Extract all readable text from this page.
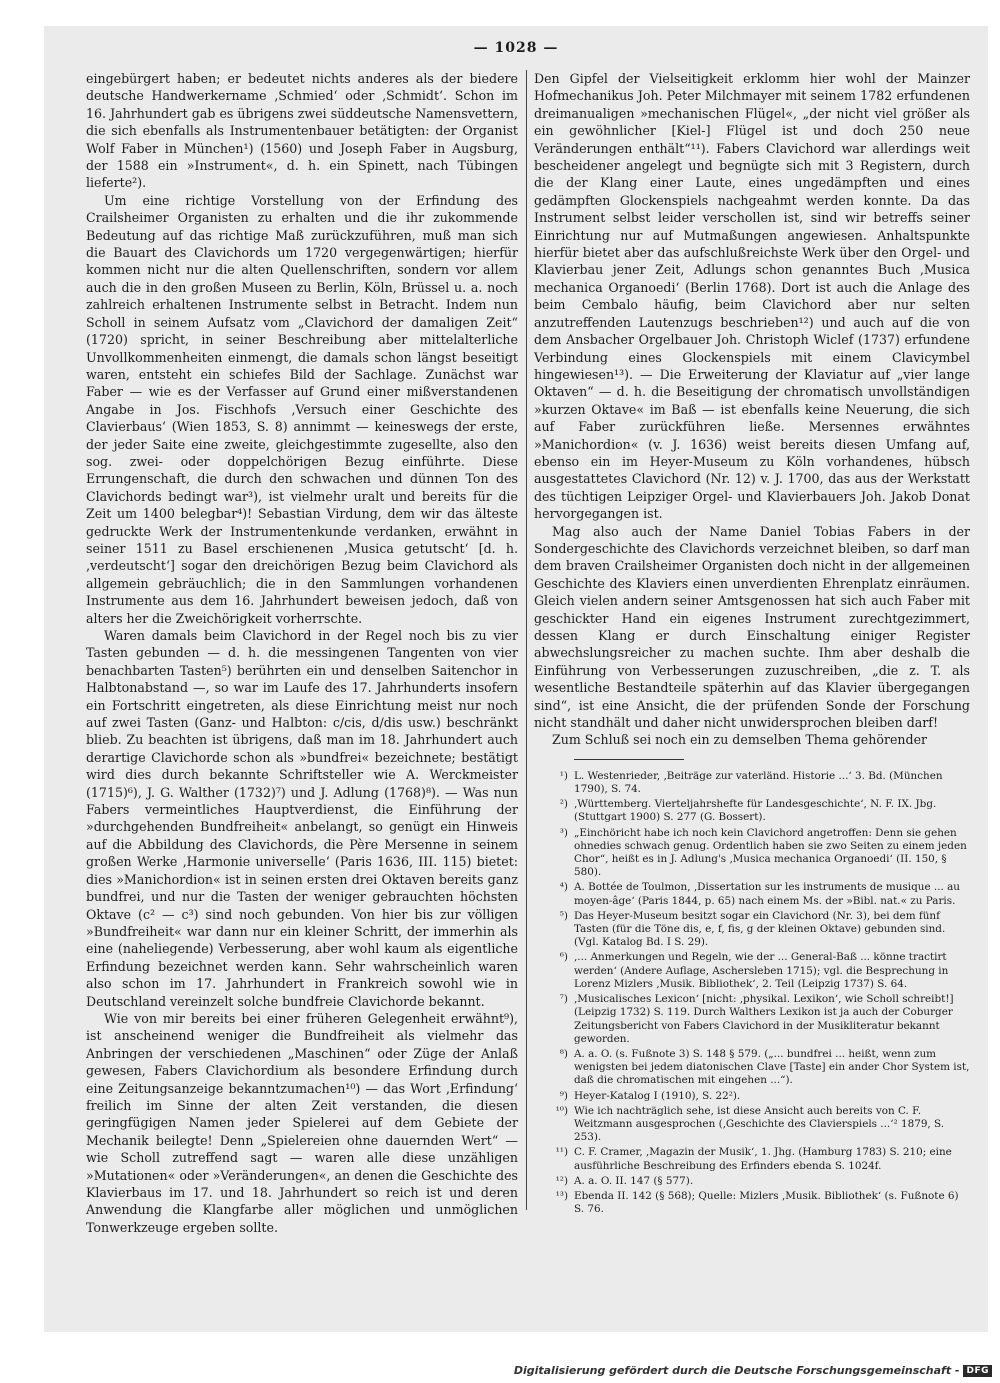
— 1028 —

eingebürgert haben; er bedeutet nichts anderes als der biedere deutsche Handwerkername ‚Schmied‘ oder ‚Schmidt‘. Schon im 16. Jahrhundert gab es übrigens zwei süddeutsche Namensvettern, die sich ebenfalls als Instrumentenbauer betätigten: der Organist Wolf Faber in München¹) (1560) und Joseph Faber in Augsburg, der 1588 ein »Instrument«, d. h. ein Spinett, nach Tübingen lieferte²).

Um eine richtige Vorstellung von der Erfindung des Crailsheimer Organisten zu erhalten und die ihr zukommende Bedeutung auf das richtige Maß zurückzuführen, muß man sich die Bauart des Clavichords um 1720 vergegenwärtigen; hierfür kommen nicht nur die alten Quellenschriften, sondern vor allem auch die in den großen Museen zu Berlin, Köln, Brüssel u. a. noch zahlreich erhaltenen Instrumente selbst in Betracht. Indem nun Scholl in seinem Aufsatz vom „Clavichord der damaligen Zeit“ (1720) spricht, in seiner Beschreibung aber mittelalterliche Unvollkommenheiten einmengt, die damals schon längst beseitigt waren, entsteht ein schiefes Bild der Sachlage. Zunächst war Faber — wie es der Verfasser auf Grund einer mißverstandenen Angabe in Jos. Fischhofs ‚Versuch einer Geschichte des Clavierbaus‘ (Wien 1853, S. 8) annimmt — keineswegs der erste, der jeder Saite eine zweite, gleichgestimmte zugesellte, also den sog. zwei- oder doppelchörigen Bezug einführte. Diese Errungenschaft, die durch den schwachen und dünnen Ton des Clavichords bedingt war³), ist vielmehr uralt und bereits für die Zeit um 1400 belegbar⁴)! Sebastian Virdung, dem wir das älteste gedruckte Werk der Instrumentenkunde verdanken, erwähnt in seiner 1511 zu Basel erschienenen ‚Musica getutscht‘ [d. h. ‚verdeutscht‘] sogar den dreichörigen Bezug beim Clavichord als allgemein gebräuchlich; die in den Sammlungen vorhandenen Instrumente aus dem 16. Jahrhundert beweisen jedoch, daß von alters her die Zweichörigkeit vorherrschte.

Waren damals beim Clavichord in der Regel noch bis zu vier Tasten gebunden — d. h. die messingenen Tangenten von vier benachbarten Tasten⁵) berührten ein und denselben Saitenchor in Halbtonabstand —, so war im Laufe des 17. Jahrhunderts insofern ein Fortschritt eingetreten, als diese Einrichtung meist nur noch auf zwei Tasten (Ganz- und Halbton: c/cis, d/dis usw.) beschränkt blieb. Zu beachten ist übrigens, daß man im 18. Jahrhundert auch derartige Clavichorde schon als »bundfrei« bezeichnete; bestätigt wird dies durch bekannte Schriftsteller wie A. Werckmeister (1715)⁶), J. G. Walther (1732)⁷) und J. Adlung (1768)⁸). — Was nun Fabers vermeintliches Hauptverdienst, die Einführung der »durchgehenden Bundfreiheit« anbelangt, so genügt ein Hinweis auf die Abbildung des Clavichords, die Père Mersenne in seinem großen Werke ‚Harmonie universelle‘ (Paris 1636, III. 115) bietet: dies »Manichordion« ist in seinen ersten drei Oktaven bereits ganz bundfrei, und nur die Tasten der weniger gebrauchten höchsten Oktave (c² — c³) sind noch gebunden. Von hier bis zur völligen »Bundfreiheit« war dann nur ein kleiner Schritt, der immerhin als eine (naheliegende) Verbesserung, aber wohl kaum als eigentliche Erfindung bezeichnet werden kann. Sehr wahrscheinlich waren also schon im 17. Jahrhundert in Frankreich sowohl wie in Deutschland vereinzelt solche bundfreie Clavichorde bekannt.

Wie von mir bereits bei einer früheren Gelegenheit erwähnt⁹), ist anscheinend weniger die Bundfreiheit als vielmehr das Anbringen der verschiedenen „Maschinen“ oder Züge der Anlaß gewesen, Fabers Clavichordium als besondere Erfindung durch eine Zeitungsanzeige bekanntzumachen¹⁰) — das Wort ‚Erfindung‘ freilich im Sinne der alten Zeit verstanden, die diesen geringfügigen Namen jeder Spielerei auf dem Gebiete der Mechanik beilegte! Denn „Spielereien ohne dauernden Wert“ — wie Scholl zutreffend sagt — waren alle diese unzähligen »Mutationen« oder »Veränderungen«, an denen die Geschichte des Klavierbaus im 17. und 18. Jahrhundert so reich ist und deren Anwendung die Klangfarbe aller möglichen und unmöglichen Tonwerkzeuge ergeben sollte.

Den Gipfel der Vielseitigkeit erklomm hier wohl der Mainzer Hofmechanikus Joh. Peter Milchmayer mit seinem 1782 erfundenen dreimanualigen »mechanischen Flügel«, „der nicht viel größer als ein gewöhnlicher [Kiel-] Flügel ist und doch 250 neue Veränderungen enthält“¹¹). Fabers Clavichord war allerdings weit bescheidener angelegt und begnügte sich mit 3 Registern, durch die der Klang einer Laute, eines ungedämpften und eines gedämpften Glockenspiels nachgeahmt werden konnte. Da das Instrument selbst leider verschollen ist, sind wir betreffs seiner Einrichtung nur auf Mutmaßungen angewiesen. Anhaltspunkte hierfür bietet aber das aufschlußreichste Werk über den Orgel- und Klavierbau jener Zeit, Adlungs schon genanntes Buch ‚Musica mechanica Organoedi‘ (Berlin 1768). Dort ist auch die Anlage des beim Cembalo häufig, beim Clavichord aber nur selten anzutreffenden Lautenzugs beschrieben¹²) und auch auf die von dem Ansbacher Orgelbauer Joh. Christoph Wiclef (1737) erfundene Verbindung eines Glockenspiels mit einem Clavicymbel hingewiesen¹³). — Die Erweiterung der Klaviatur auf „vier lange Oktaven“ — d. h. die Beseitigung der chromatisch unvollständigen »kurzen Oktave« im Baß — ist ebenfalls keine Neuerung, die sich auf Faber zurückführen ließe. Mersennes erwähntes »Manichordion« (v. J. 1636) weist bereits diesen Umfang auf, ebenso ein im Heyer-Museum zu Köln vorhandenes, hübsch ausgestattetes Clavichord (Nr. 12) v. J. 1700, das aus der Werkstatt des tüchtigen Leipziger Orgel- und Klavierbauers Joh. Jakob Donat hervorgegangen ist.

Mag also auch der Name Daniel Tobias Fabers in der Sondergeschichte des Clavichords verzeichnet bleiben, so darf man dem braven Crailsheimer Organisten doch nicht in der allgemeinen Geschichte des Klaviers einen unverdienten Ehrenplatz einräumen. Gleich vielen andern seiner Amtsgenossen hat sich auch Faber mit geschickter Hand ein eigenes Instrument zurechtgezimmert, dessen Klang er durch Einschaltung einiger Register abwechslungsreicher zu machen suchte. Ihm aber deshalb die Einführung von Verbesserungen zuzuschreiben, „die z. T. als wesentliche Bestandteile späterhin auf das Klavier übergegangen sind“, ist eine Ansicht, die der prüfenden Sonde der Forschung nicht standhält und daher nicht unwidersprochen bleiben darf!

Zum Schluß sei noch ein zu demselben Thema gehörender

¹) L. Westenrieder, ‚Beiträge zur vaterländ. Historie ...‘ 3. Bd. (München 1790), S. 74.
²) ‚Württemberg. Vierteljahrshefte für Landesgeschichte‘, N. F. IX. Jbg. (Stuttgart 1900) S. 277 (G. Bossert).
³) „Einchöricht habe ich noch kein Clavichord angetroffen: Denn sie gehen ohnedies schwach genug. Ordentlich haben sie zwo Seiten zu einem jeden Chor“, heißt es in J. Adlung's ‚Musica mechanica Organoedi‘ (II. 150, § 580).
⁴) A. Bottée de Toulmon, ‚Dissertation sur les instruments de musique ... au moyen-âge‘ (Paris 1844, p. 65) nach einem Ms. der »Bibl. nat.« zu Paris.
⁵) Das Heyer-Museum besitzt sogar ein Clavichord (Nr. 3), bei dem fünf Tasten (für die Töne dis, e, f, fis, g der kleinen Oktave) gebunden sind. (Vgl. Katalog Bd. I S. 29).
⁶) ‚... Anmerkungen und Regeln, wie der ... General-Baß ... könne tractirt werden‘ (Andere Auflage, Aschersleben 1715); vgl. die Besprechung in Lorenz Mizlers ‚Musik. Bibliothek‘, 2. Teil (Leipzig 1737) S. 64.
⁷) ‚Musicalisches Lexicon‘ [nicht: ‚physikal. Lexikon‘, wie Scholl schreibt!] (Leipzig 1732) S. 119. Durch Walthers Lexikon ist ja auch der Coburger Zeitungsbericht von Fabers Clavichord in der Musikliteratur bekannt geworden.
⁸) A. a. O. (s. Fußnote 3) S. 148 § 579. („... bundfrei ... heißt, wenn zum wenigsten bei jedem diatonischen Clave [Taste] ein ander Chor System ist, daß die chromatischen mit eingehen ...“).
⁹) Heyer-Katalog I (1910), S. 22²).
¹⁰) Wie ich nachträglich sehe, ist diese Ansicht auch bereits von C. F. Weitzmann ausgesprochen (‚Geschichte des Clavierspiels ...‘² 1879, S. 253).
¹¹) C. F. Cramer, ‚Magazin der Musik‘, 1. Jhg. (Hamburg 1783) S. 210; eine ausführliche Beschreibung des Erfinders ebenda S. 1024f.
¹²) A. a. O. II. 147 (§ 577).
¹³) Ebenda II. 142 (§ 568); Quelle: Mizlers ‚Musik. Bibliothek‘ (s. Fußnote 6) S. 76.
Digitalisierung gefördert durch die Deutsche Forschungsgemeinschaft - DFG
